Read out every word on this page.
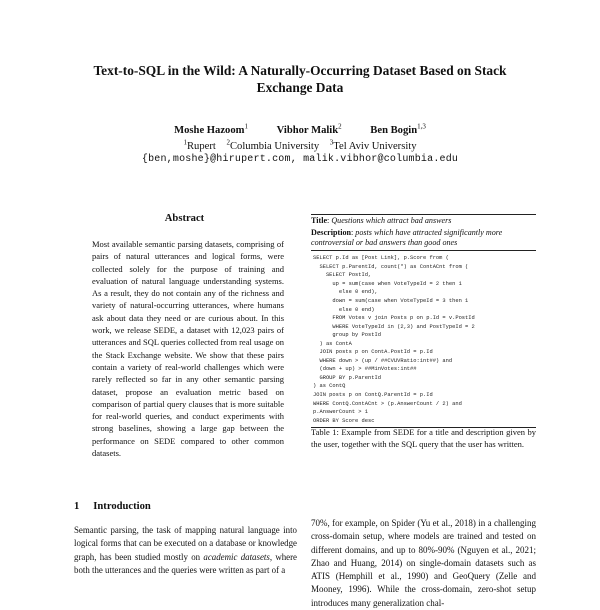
Text-to-SQL in the Wild: A Naturally-Occurring Dataset Based on Stack
Exchange Data
Moshe Hazoom$^1$	Vibhor Malik$^2$	Ben Bogin$^{1,3}$
$^1$Rupert $^2$Columbia University $^3$Tel Aviv University
{ben,moshe}@hirupert.com, malik.vibhor@columbia.edu
Abstract
Most available semantic parsing datasets, comprising of pairs of natural utterances and logical forms, were collected solely for the purpose of training and evaluation of natural language understanding systems. As a result, they do not contain any of the richness and variety of natural-occurring utterances, where humans ask about data they need or are curious about. In this work, we release SEDE, a dataset with 12,023 pairs of utterances and SQL queries collected from real usage on the Stack Exchange website. We show that these pairs contain a variety of real-world challenges which were rarely reflected so far in any other semantic parsing dataset, propose an evaluation metric based on comparison of partial query clauses that is more suitable for real-world queries, and conduct experiments with strong baselines, showing a large gap between the performance on SEDE compared to other common datasets.
1 Introduction
Semantic parsing, the task of mapping natural language into logical forms that can be executed on a database or knowledge graph, has been studied mostly on academic datasets, where both the utterances and the queries were written as part of a
Title: Questions which attract bad answers
Description: posts which have attracted significantly more controversial or bad answers than good ones
SELECT p.Id as [Post Link], p.Score from (
SELECT p.ParentId, count(*) as ContACnt from (
SELECT PostId,
up = sum(case when VoteTypeId = 2 then 1
else 0 end),
down = sum(case when VoteTypeId = 3 then 1
else 0 end)
FROM Votes v join Posts p on p.Id = v.PostId
WHERE VoteTypeId in (2,3) and PostTypeId = 2
group by PostId
) as ContA
JOIN posts p on ContA.PostId = p.Id
WHERE down > (up / ##CVUVRatio:int##) and
(down + up) > ##MinVotes:int##
GROUP BY p.ParentId
) as ContQ
JOIN posts p on ContQ.ParentId = p.Id
WHERE ContQ.ContACnt > (p.AnswerCount / 2) and
p.AnswerCount > 1
ORDER BY Score desc
Table 1: Example from SEDE for a title and description given by the user, together with the SQL query that the user has written.
70%, for example, on Spider (Yu et al., 2018) in a challenging cross-domain setup, where models are trained and tested on different domains, and up to 80%-90% (Nguyen et al., 2021; Zhao and Huang, 2014) on single-domain datasets such as ATIS (Hemphill et al., 1990) and GeoQuery (Zelle and Mooney, 1996). While the cross-domain, zero-shot setup introduces many generalization chal-
